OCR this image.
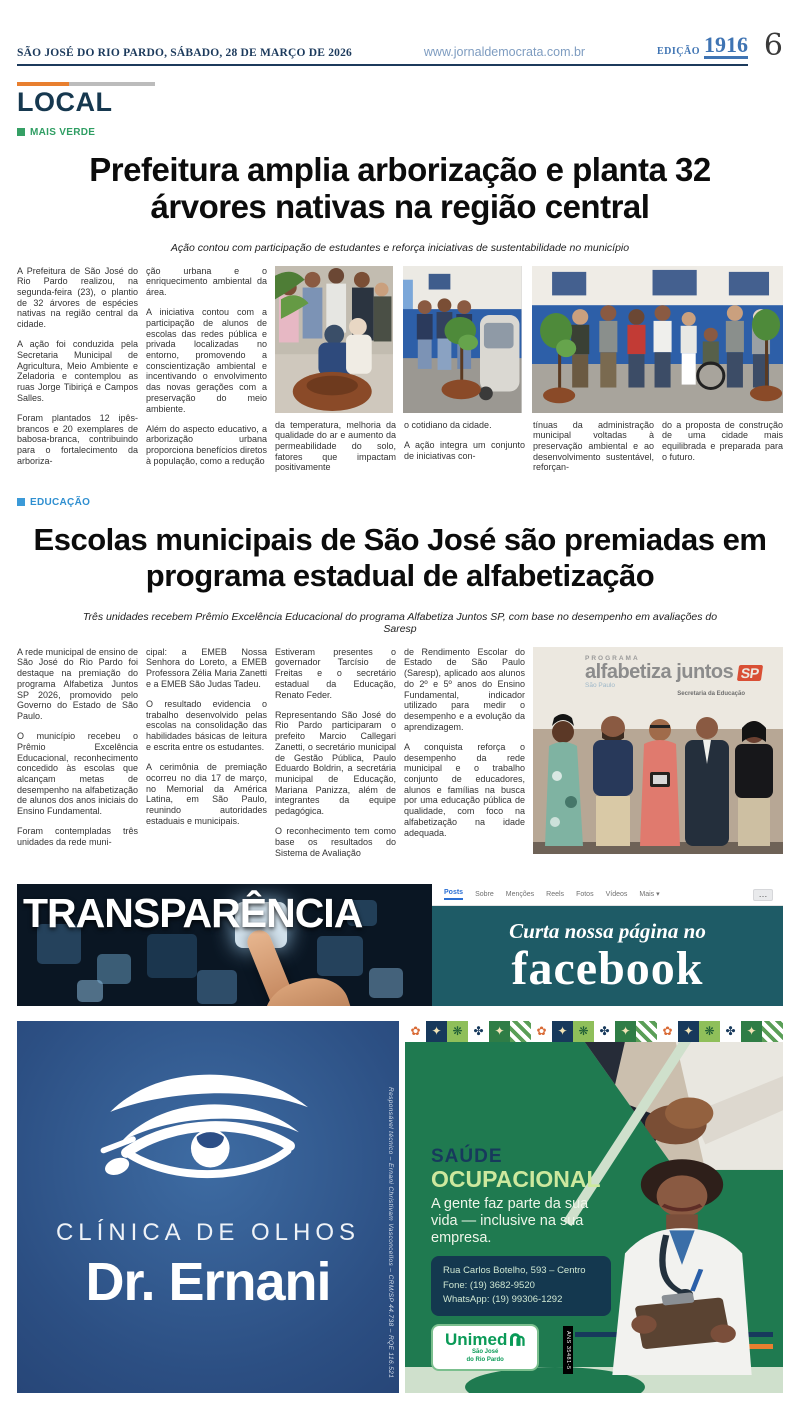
SÃO JOSÉ DO RIO PARDO, SÁBADO, 28 DE MARÇO DE 2026	www.jornaldemocrata.com.br	EDIÇÃO 1916 6
LOCAL
MAIS VERDE
Prefeitura amplia arborização e planta 32 árvores nativas na região central

Ação contou com participação de estudantes e reforça iniciativas de sustentabilidade no município

A Prefeitura de São José do Rio Pardo realizou, na segunda-feira (23), o plantio de 32 árvores de espécies nativas na região central da cidade.

A ação foi conduzida pela Secretaria Municipal de Agricultura, Meio Ambiente e Zeladoria e contemplou as ruas Jorge Tibiriçá e Campos Salles.

Foram plantados 12 ipês-brancos e 20 exemplares de babosa-branca, contribuindo para o fortalecimento da arboriza-

ção urbana e o enriquecimento ambiental da área.

A iniciativa contou com a participação de alunos de escolas das redes pública e privada localizadas no entorno, promovendo a conscientização ambiental e incentivando o envolvimento das novas gerações com a preservação do meio ambiente.

Além do aspecto educativo, a arborização urbana proporciona benefícios diretos à população, como a redução

da temperatura, melhoria da qualidade do ar e aumento da permeabilidade do solo, fatores que impactam positivamente

o cotidiano da cidade.

A ação integra um conjunto de iniciativas con-

tínuas da administração municipal voltadas à preservação ambiental e ao desenvolvimento sustentável, reforçan-

do a proposta de construção de uma cidade mais equilibrada e preparada para o futuro.

EDUCAÇÃO
Escolas municipais de São José são premiadas em programa estadual de alfabetização

Três unidades recebem Prêmio Excelência Educacional do programa Alfabetiza Juntos SP, com base no desempenho em avaliações do Saresp

A rede municipal de ensino de São José do Rio Pardo foi destaque na premiação do programa Alfabetiza Juntos SP 2026, promovido pelo Governo do Estado de São Paulo.

O município recebeu o Prêmio Excelência Educacional, reconhecimento concedido às escolas que alcançam metas de desempenho na alfabetização de alunos dos anos iniciais do Ensino Fundamental.

Foram contempladas três unidades da rede muni-

cipal: a EMEB Nossa Senhora do Loreto, a EMEB Professora Zélia Maria Zanetti e a EMEB São Judas Tadeu.

O resultado evidencia o trabalho desenvolvido pelas escolas na consolidação das habilidades básicas de leitura e escrita entre os estudantes.

A cerimônia de premiação ocorreu no dia 17 de março, no Memorial da América Latina, em São Paulo, reunindo autoridades estaduais e municipais.

Estiveram presentes o governador Tarcísio de Freitas e o secretário estadual da Educação, Renato Feder.

Representando São José do Rio Pardo participaram o prefeito Marcio Callegari Zanetti, o secretário municipal de Gestão Pública, Paulo Eduardo Boldrin, a secretária municipal de Educação, Mariana Panizza, além de integrantes da equipe pedagógica.

O reconhecimento tem como base os resultados do Sistema de Avaliação

de Rendimento Escolar do Estado de São Paulo (Saresp), aplicado aos alunos do 2º e 5º anos do Ensino Fundamental, indicador utilizado para medir o desempenho e a evolução da aprendizagem.

A conquista reforça o desempenho da rede municipal e o trabalho conjunto de educadores, alunos e famílias na busca por uma educação pública de qualidade, com foco na alfabetização na idade adequada.

PROGRAMA
alfabetiza juntos SP
São Paulo
Secretaria da Educação
TRANSPARÊNCIA	Posts Sobre Menções Reels Fotos Vídeos Mais ▾	…
Curta nossa página no
facebook
CLÍNICA DE OLHOS
Dr. Ernani	Responsável técnico – Ernani Christivam Vasconcellos – CRM/SP 44.738 – RQE 116.521
✿
✦
❋
✤
✦
✿
✦
❋
✤
✦
✿
✦
❋
✤
✦ SAÚDE
OCUPACIONAL
A gente faz parte da sua vida — inclusive na sua empresa.
Rua Carlos Botelho, 593 – Centro
Fone: (19) 3682-9520
WhatsApp: (19) 99306-1292
Unimed
São José
do Rio Pardo	ANS 35481-5
